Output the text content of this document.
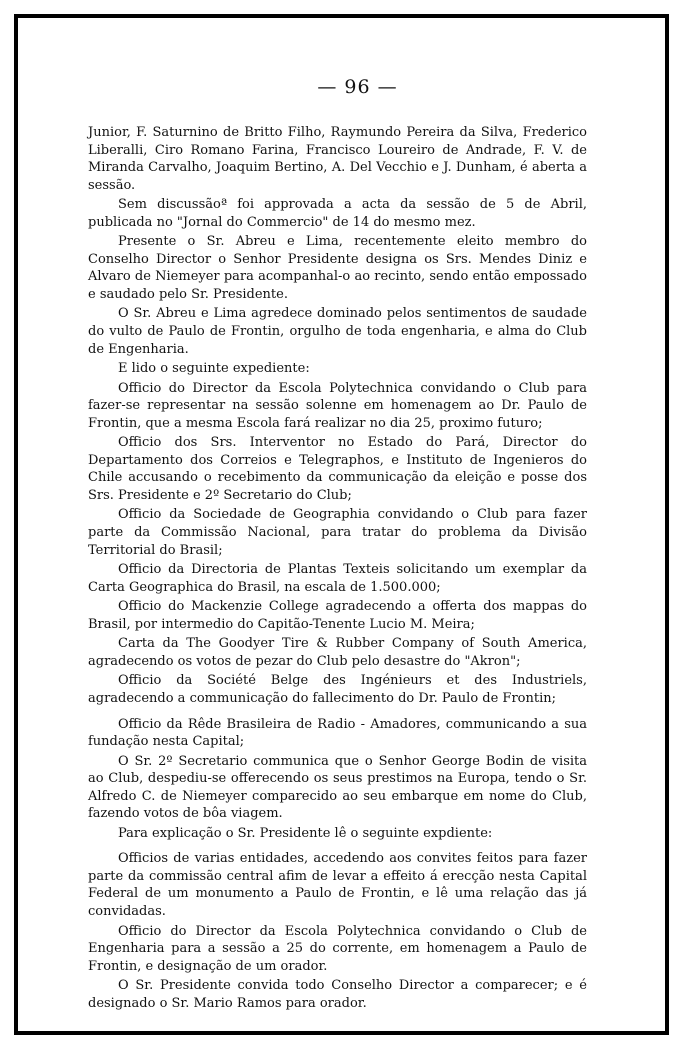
— 96 —

Junior, F. Saturnino de Britto Filho, Raymundo Pereira da Silva, Frederico Liberalli, Ciro Romano Farina, Francisco Loureiro de Andrade, F. V. de Miranda Carvalho, Joaquim Bertino, A. Del Vecchio e J. Dunham, é aberta a sessão.

Sem discussãoª foi approvada a acta da sessão de 5 de Abril, publicada no "Jornal do Commercio" de 14 do mesmo mez.

Presente o Sr. Abreu e Lima, recentemente eleito membro do Conselho Director o Senhor Presidente designa os Srs. Mendes Diniz e Alvaro de Niemeyer para acompanhal-o ao recinto, sendo então empossado e saudado pelo Sr. Presidente.

O Sr. Abreu e Lima agredece dominado pelos sentimentos de saudade do vulto de Paulo de Frontin, orgulho de toda engenharia, e alma do Club de Engenharia.

E lido o seguinte expediente:

Officio do Director da Escola Polytechnica convidando o Club para fazer-se representar na sessão solenne em homenagem ao Dr. Paulo de Frontin, que a mesma Escola fará realizar no dia 25, proximo futuro;

Officio dos Srs. Interventor no Estado do Pará, Director do Departamento dos Correios e Telegraphos, e Instituto de Ingenieros do Chile accusando o recebimento da communicação da eleição e posse dos Srs. Presidente e 2º Secretario do Club;

Officio da Sociedade de Geographia convidando o Club para fazer parte da Commissão Nacional, para tratar do problema da Divisão Territorial do Brasil;

Officio da Directoria de Plantas Texteis solicitando um exemplar da Carta Geographica do Brasil, na escala de 1.500.000;

Officio do Mackenzie College agradecendo a offerta dos mappas do Brasil, por intermedio do Capitão-Tenente Lucio M. Meira;

Carta da The Goodyer Tire & Rubber Company of South America, agradecendo os votos de pezar do Club pelo desastre do "Akron";

Officio da Société Belge des Ingénieurs et des Industriels, agradecendo a communicação do fallecimento do Dr. Paulo de Frontin;

Officio da Rêde Brasileira de Radio - Amadores, communicando a sua fundação nesta Capital;

O Sr. 2º Secretario communica que o Senhor George Bodin de visita ao Club, despediu-se offerecendo os seus prestimos na Europa, tendo o Sr. Alfredo C. de Niemeyer comparecido ao seu embarque em nome do Club, fazendo votos de bôa viagem.

Para explicação o Sr. Presidente lê o seguinte expdiente:

Officios de varias entidades, accedendo aos convites feitos para fazer parte da commissão central afim de levar a effeito á erecção nesta Capital Federal de um monumento a Paulo de Frontin, e lê uma relação das já convidadas.

Officio do Director da Escola Polytechnica convidando o Club de Engenharia para a sessão a 25 do corrente, em homenagem a Paulo de Frontin, e designação de um orador.

O Sr. Presidente convida todo Conselho Director a comparecer; e é designado o Sr. Mario Ramos para orador.
